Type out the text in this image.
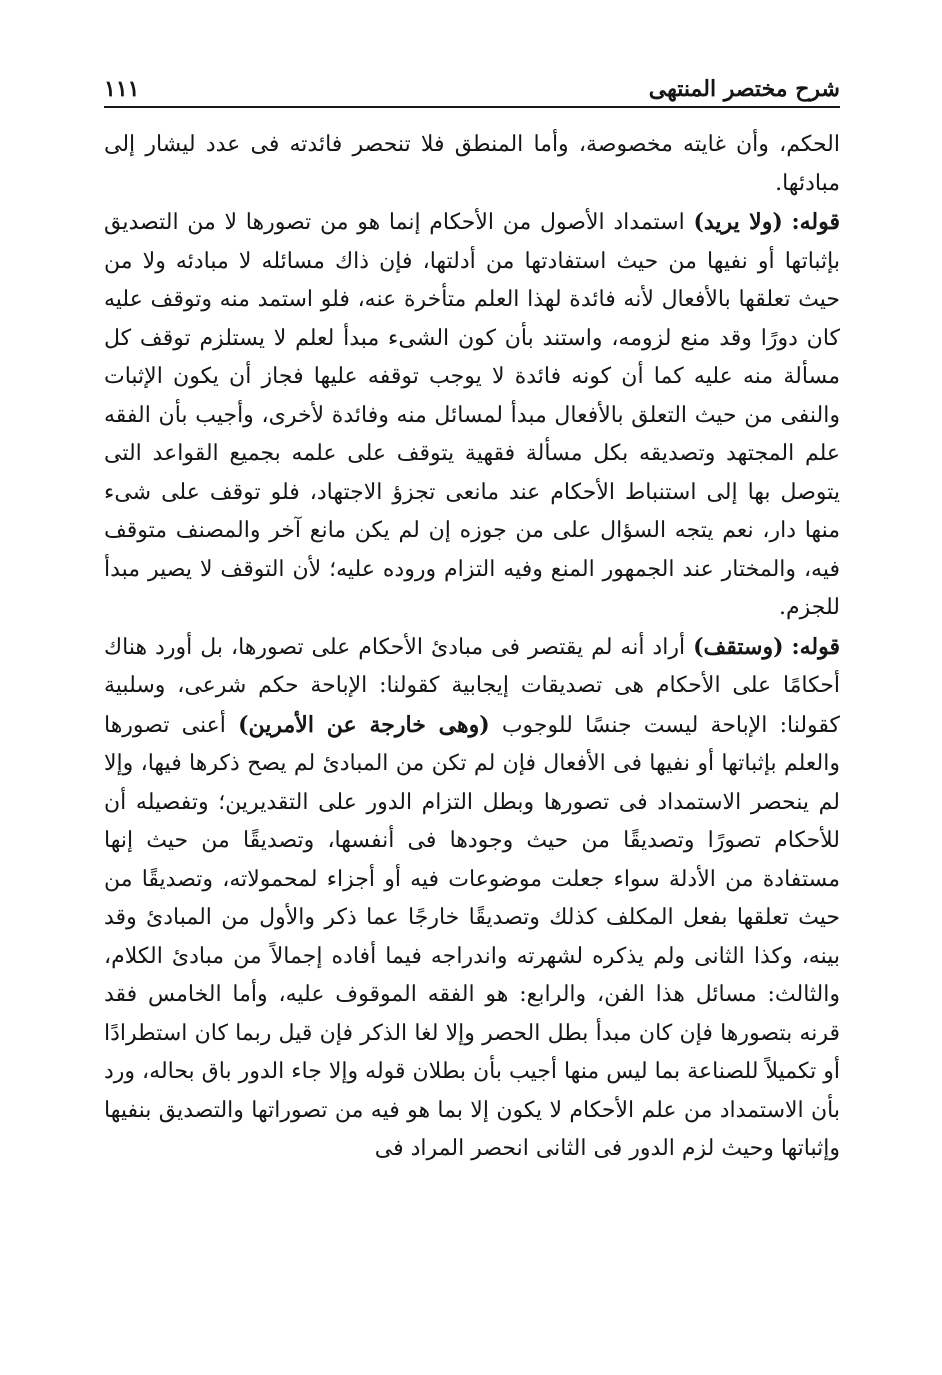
شرح مختصر المنتهى
١١١

الحكم، وأن غايته مخصوصة، وأما المنطق فلا تنحصر فائدته فى عدد ليشار إلى مبادئها.

قوله: (ولا يريد) استمداد الأصول من الأحكام إنما هو من تصورها لا من التصديق بإثباتها أو نفيها من حيث استفادتها من أدلتها، فإن ذاك مسائله لا مبادئه ولا من حيث تعلقها بالأفعال لأنه فائدة لهذا العلم متأخرة عنه، فلو استمد منه وتوقف عليه كان دورًا وقد منع لزومه، واستند بأن كون الشىء مبدأ لعلم لا يستلزم توقف كل مسألة منه عليه كما أن كونه فائدة لا يوجب توقفه عليها فجاز أن يكون الإثبات والنفى من حيث التعلق بالأفعال مبدأ لمسائل منه وفائدة لأخرى، وأجيب بأن الفقه علم المجتهد وتصديقه بكل مسألة فقهية يتوقف على علمه بجميع القواعد التى يتوصل بها إلى استنباط الأحكام عند مانعى تجزؤ الاجتهاد، فلو توقف على شىء منها دار، نعم يتجه السؤال على من جوزه إن لم يكن مانع آخر والمصنف متوقف فيه، والمختار عند الجمهور المنع وفيه التزام وروده عليه؛ لأن التوقف لا يصير مبدأ للجزم.

قوله: (وستقف) أراد أنه لم يقتصر فى مبادئ الأحكام على تصورها، بل أورد هناك أحكامًا على الأحكام هى تصديقات إيجابية كقولنا: الإباحة حكم شرعى، وسلبية كقولنا: الإباحة ليست جنسًا للوجوب (وهى خارجة عن الأمرين) أعنى تصورها والعلم بإثباتها أو نفيها فى الأفعال فإن لم تكن من المبادئ لم يصح ذكرها فيها، وإلا لم ينحصر الاستمداد فى تصورها وبطل التزام الدور على التقديرين؛ وتفصيله أن للأحكام تصورًا وتصديقًا من حيث وجودها فى أنفسها، وتصديقًا من حيث إنها مستفادة من الأدلة سواء جعلت موضوعات فيه أو أجزاء لمحمولاته، وتصديقًا من حيث تعلقها بفعل المكلف كذلك وتصديقًا خارجًا عما ذكر والأول من المبادئ وقد بينه، وكذا الثانى ولم يذكره لشهرته واندراجه فيما أفاده إجمالاً من مبادئ الكلام، والثالث: مسائل هذا الفن، والرابع: هو الفقه الموقوف عليه، وأما الخامس فقد قرنه بتصورها فإن كان مبدأ بطل الحصر وإلا لغا الذكر فإن قيل ربما كان استطرادًا أو تكميلاً للصناعة بما ليس منها أجيب بأن بطلان قوله وإلا جاء الدور باق بحاله، ورد بأن الاستمداد من علم الأحكام لا يكون إلا بما هو فيه من تصوراتها والتصديق بنفيها وإثباتها وحيث لزم الدور فى الثانى انحصر المراد فى
